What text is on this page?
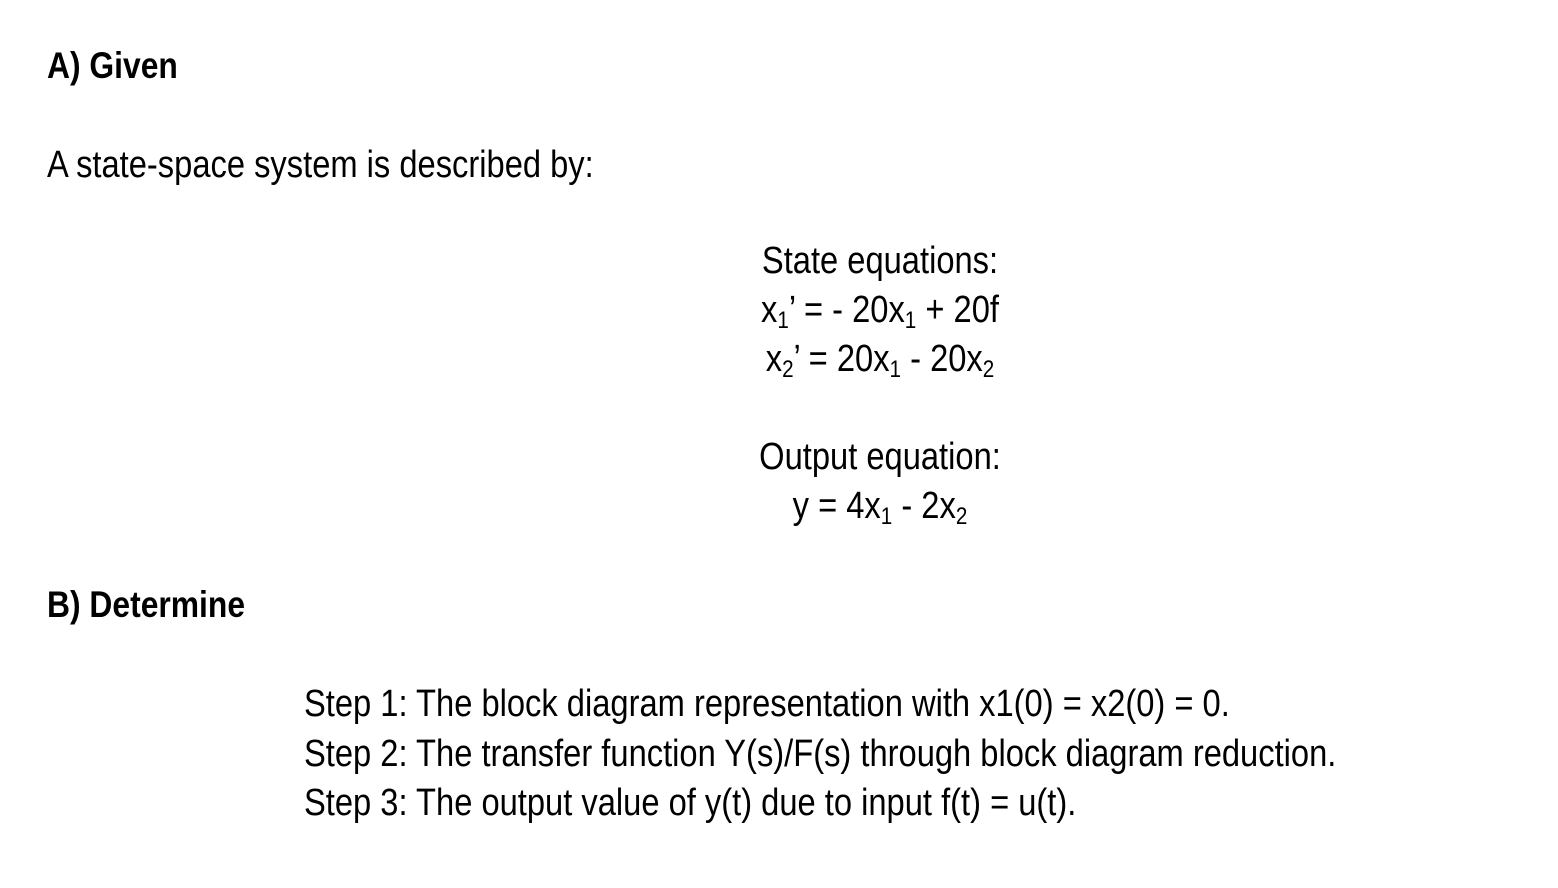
A) Given
A state-space system is described by:
State equations:
$x_1$’ = - $20x_1 + 20f$
$x_2$’ = $20x_1 - 20x_2$
Output equation:
$y = 4x_1 - 2x_2$
B) Determine
Step 1: The block diagram representation with x1(0) = x2(0) = 0.
Step 2: The transfer function Y(s)/F(s) through block diagram reduction.
Step 3: The output value of y(t) due to input f(t) = u(t).
